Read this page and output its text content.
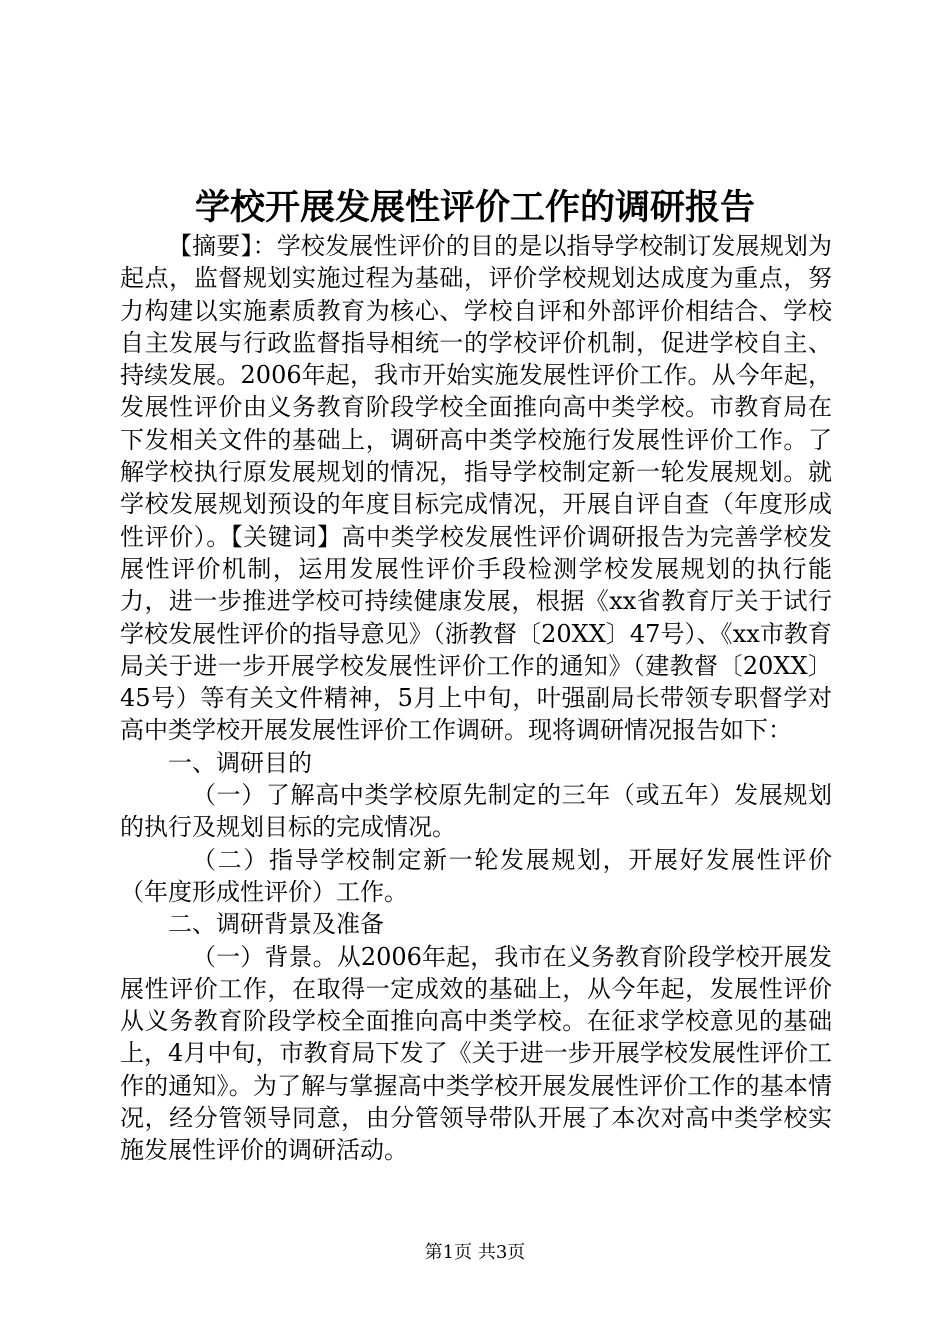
学校开展发展性评价工作的调研报告

【摘要】：学校发展性评价的目的是以指导学校制订发展规划为起点，监督规划实施过程为基础，评价学校规划达成度为重点，努力构建以实施素质教育为核心、学校自评和外部评价相结合、学校自主发展与行政监督指导相统一的学校评价机制，促进学校自主、持续发展。2006年起，我市开始实施发展性评价工作。从今年起，发展性评价由义务教育阶段学校全面推向高中类学校。市教育局在下发相关文件的基础上，调研高中类学校施行发展性评价工作。了解学校执行原发展规划的情况，指导学校制定新一轮发展规划。就学校发展规划预设的年度目标完成情况，开展自评自查（年度形成性评价）。【关键词】高中类学校发展性评价调研报告为完善学校发展性评价机制，运用发展性评价手段检测学校发展规划的执行能力，进一步推进学校可持续健康发展，根据《xx省教育厅关于试行学校发展性评价的指导意见》（浙教督〔20XX〕47号）、《xx市教育局关于进一步开展学校发展性评价工作的通知》（建教督〔20XX〕45号）等有关文件精神，5月上中旬，叶强副局长带领专职督学对高中类学校开展发展性评价工作调研。现将调研情况报告如下：

一、调研目的

（一）了解高中类学校原先制定的三年（或五年）发展规划的执行及规划目标的完成情况。

（二）指导学校制定新一轮发展规划，开展好发展性评价（年度形成性评价）工作。

二、调研背景及准备

（一）背景。从2006年起，我市在义务教育阶段学校开展发展性评价工作，在取得一定成效的基础上，从今年起，发展性评价从义务教育阶段学校全面推向高中类学校。在征求学校意见的基础上，4月中旬，市教育局下发了《关于进一步开展学校发展性评价工作的通知》。为了解与掌握高中类学校开展发展性评价工作的基本情况，经分管领导同意，由分管领导带队开展了本次对高中类学校实施发展性评价的调研活动。

第1页 共3页
